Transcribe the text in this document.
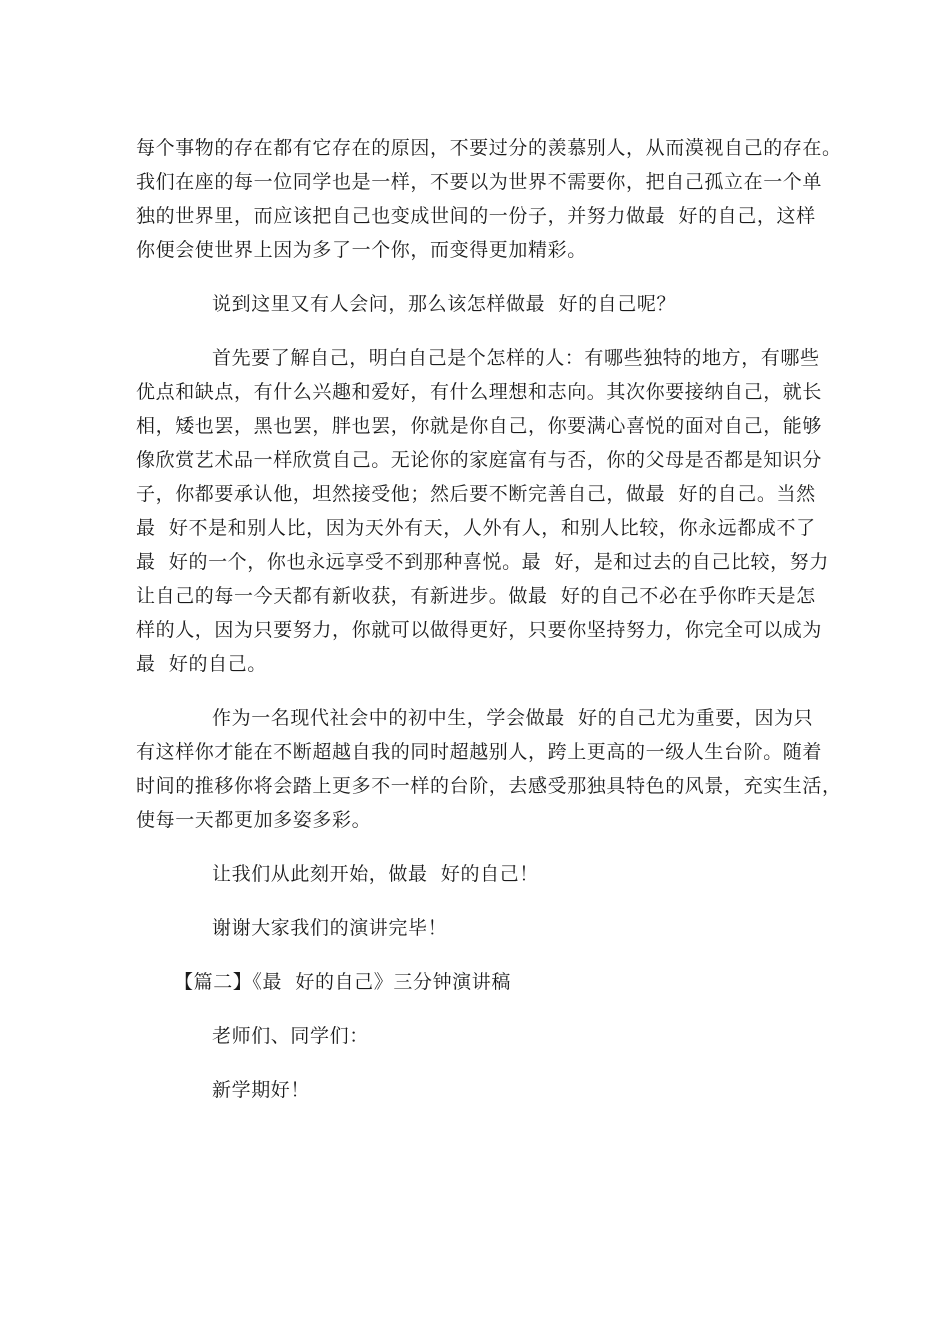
每个事物的存在都有它存在的原因，不要过分的羡慕别人，从而漠视自己的存在。
我们在座的每一位同学也是一样，不要以为世界不需要你，把自己孤立在一个单
独的世界里，而应该把自己也变成世间的一份子，并努力做最  好的自己，这样
你便会使世界上因为多了一个你，而变得更加精彩。
说到这里又有人会问，那么该怎样做最  好的自己呢？
首先要了解自己，明白自己是个怎样的人：有哪些独特的地方，有哪些
优点和缺点，有什么兴趣和爱好，有什么理想和志向。其次你要接纳自己，就长
相，矮也罢，黑也罢，胖也罢，你就是你自己，你要满心喜悦的面对自己，能够
像欣赏艺术品一样欣赏自己。无论你的家庭富有与否，你的父母是否都是知识分
子，你都要承认他，坦然接受他；然后要不断完善自己，做最  好的自己。当然
最  好不是和别人比，因为天外有天，人外有人，和别人比较，你永远都成不了
最  好的一个，你也永远享受不到那种喜悦。最  好，是和过去的自己比较，努力
让自己的每一今天都有新收获，有新进步。做最  好的自己不必在乎你昨天是怎
样的人，因为只要努力，你就可以做得更好，只要你坚持努力，你完全可以成为
最  好的自己。
作为一名现代社会中的初中生，学会做最  好的自己尤为重要，因为只
有这样你才能在不断超越自我的同时超越别人，跨上更高的一级人生台阶。随着
时间的推移你将会踏上更多不一样的台阶，去感受那独具特色的风景，充实生活，
使每一天都更加多姿多彩。
让我们从此刻开始，做最  好的自己！
谢谢大家我们的演讲完毕！
【篇二】《最  好的自己》三分钟演讲稿
老师们、同学们：
新学期好！
